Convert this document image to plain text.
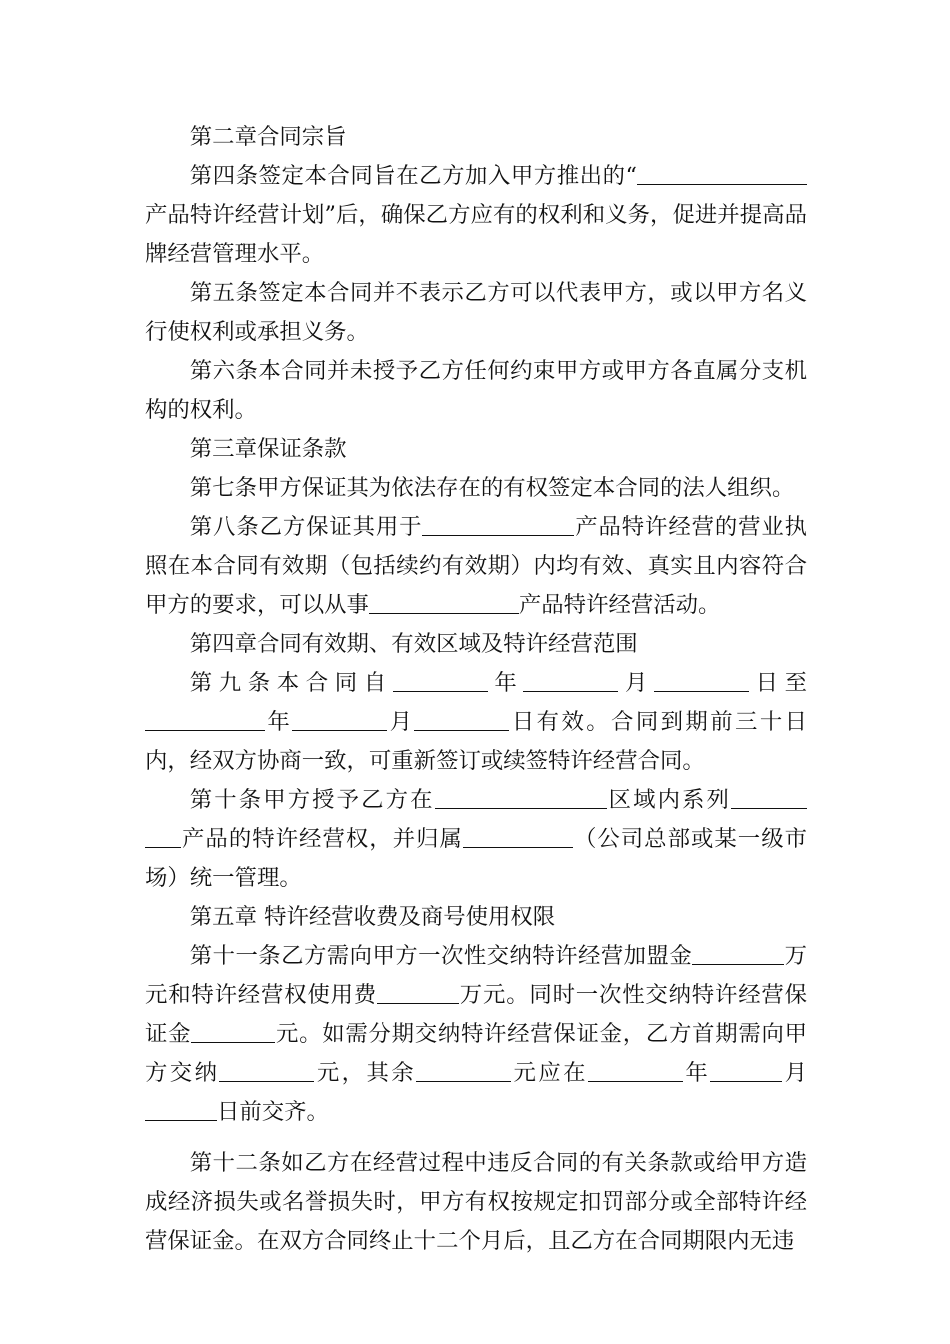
第二章合同宗旨

第四条签定本合同旨在乙方加入甲方推出的“产品特许经营计划”后，确保乙方应有的权利和义务，促进并提高品牌经营管理水平。

第五条签定本合同并不表示乙方可以代表甲方，或以甲方名义行使权利或承担义务。

第六条本合同并未授予乙方任何约束甲方或甲方各直属分支机构的权利。

第三章保证条款

第七条甲方保证其为依法存在的有权签定本合同的法人组织。

第八条乙方保证其用于	产品特许经营的营业执照在本合同有效期（包括续约有效期）内均有效、真实且内容符合甲方的要求，可以从事	产品特许经营活动。

第四章合同有效期、有效区域及特许经营范围

第九条本合同自	年	月	日至年	月	日有效。合同到期前三十日内，经双方协商一致，可重新签订或续签特许经营合同。

第十条甲方授予乙方在	区域内系列产品的特许经营权，并归属	（公司总部或某一级市场）统一管理。

第五章 特许经营收费及商号使用权限

第十一条乙方需向甲方一次性交纳特许经营加盟金	万元和特许经营权使用费	万元。同时一次性交纳特许经营保证金	元。如需分期交纳特许经营保证金，乙方首期需向甲方交纳	元，其余	元应在	年	月日前交齐。

第十二条如乙方在经营过程中违反合同的有关条款或给甲方造成经济损失或名誉损失时，甲方有权按规定扣罚部分或全部特许经营保证金。在双方合同终止十二个月后，且乙方在合同期限内无违
